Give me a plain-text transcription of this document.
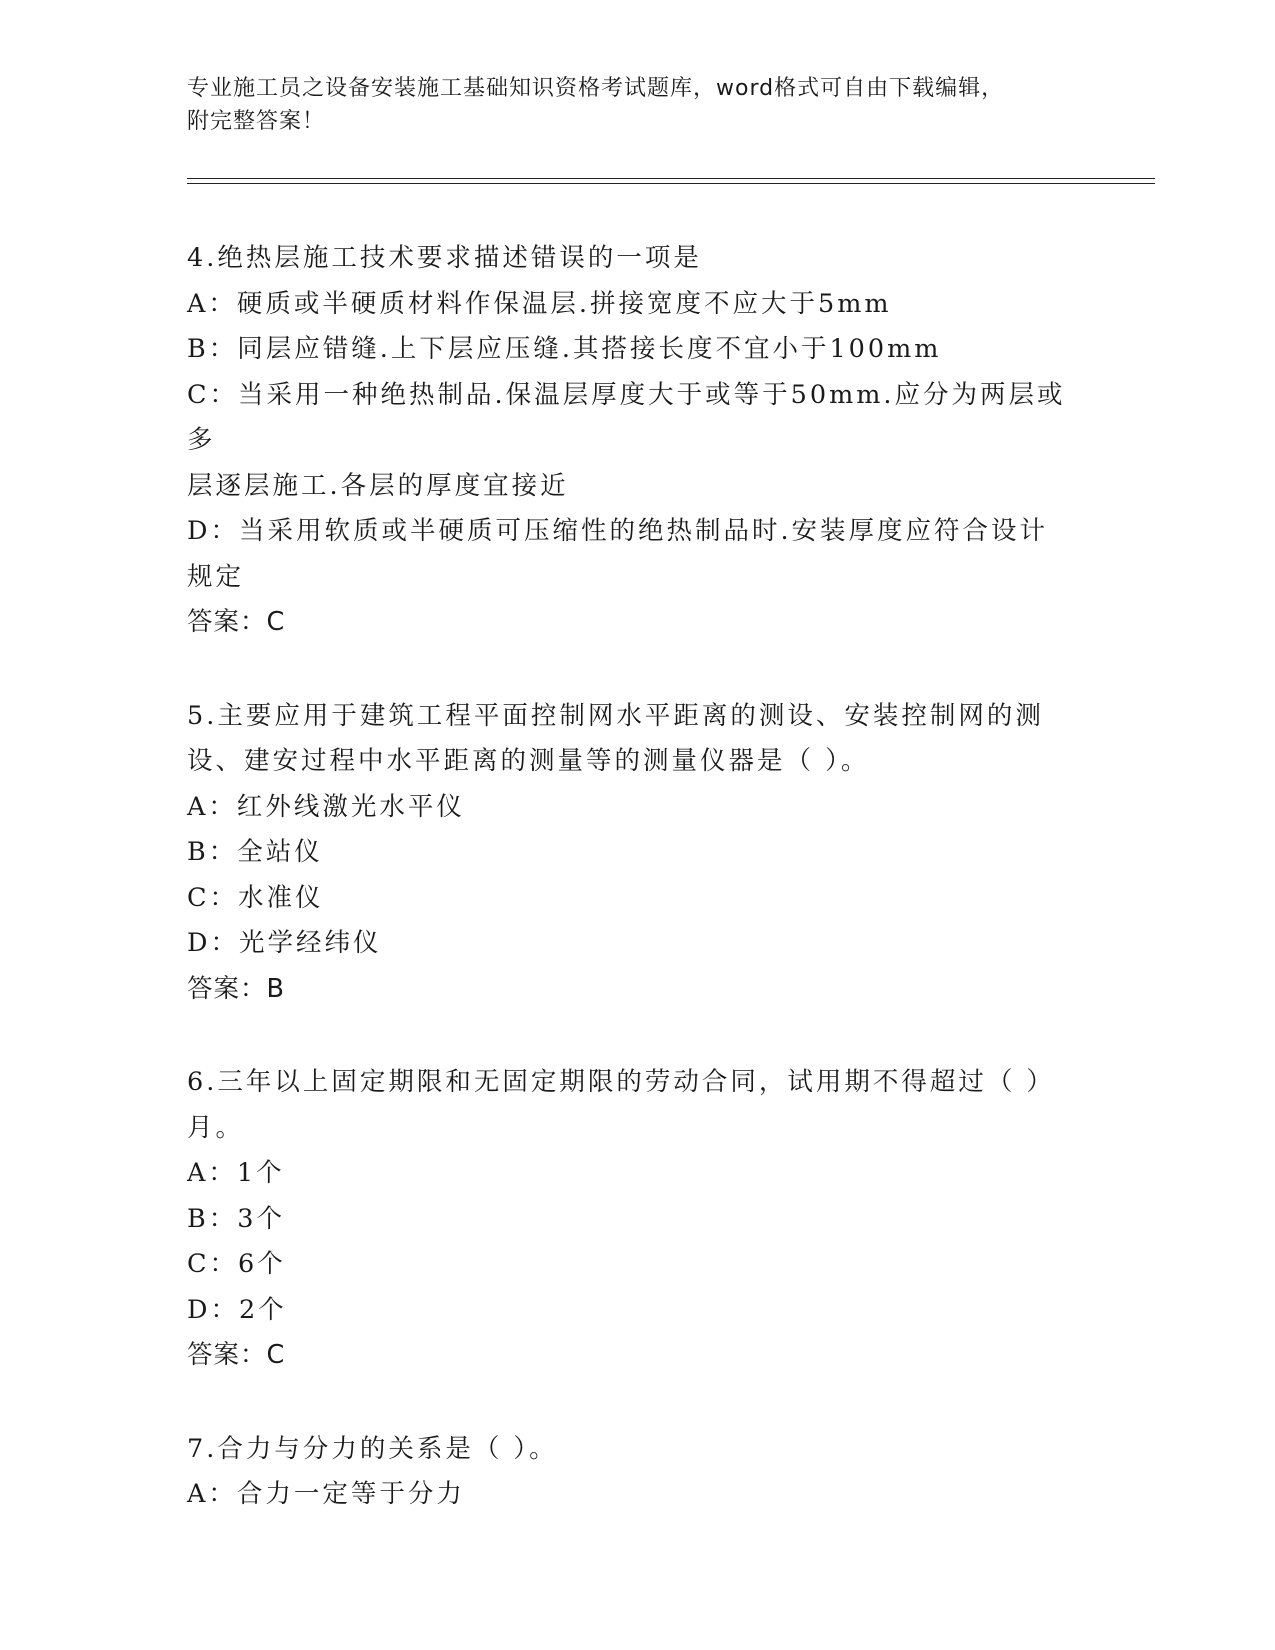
专业施工员之设备安装施工基础知识资格考试题库，word格式可自由下载编辑，
附完整答案！

4.绝热层施工技术要求描述错误的一项是

A：硬质或半硬质材料作保温层.拼接宽度不应大于5mm

B：同层应错缝.上下层应压缝.其搭接长度不宜小于100mm

C：当采用一种绝热制品.保温层厚度大于或等于50mm.应分为两层或多

层逐层施工.各层的厚度宜接近

D：当采用软质或半硬质可压缩性的绝热制品时.安装厚度应符合设计

规定

答案：C

5.主要应用于建筑工程平面控制网水平距离的测设、安装控制网的测

设、建安过程中水平距离的测量等的测量仪器是（ ）。

A：红外线激光水平仪

B：全站仪

C：水准仪

D：光学经纬仪

答案：B

6.三年以上固定期限和无固定期限的劳动合同，试用期不得超过（ ）

月。

A：1个

B：3个

C：6个

D：2个

答案：C

7.合力与分力的关系是（ ）。

A：合力一定等于分力
